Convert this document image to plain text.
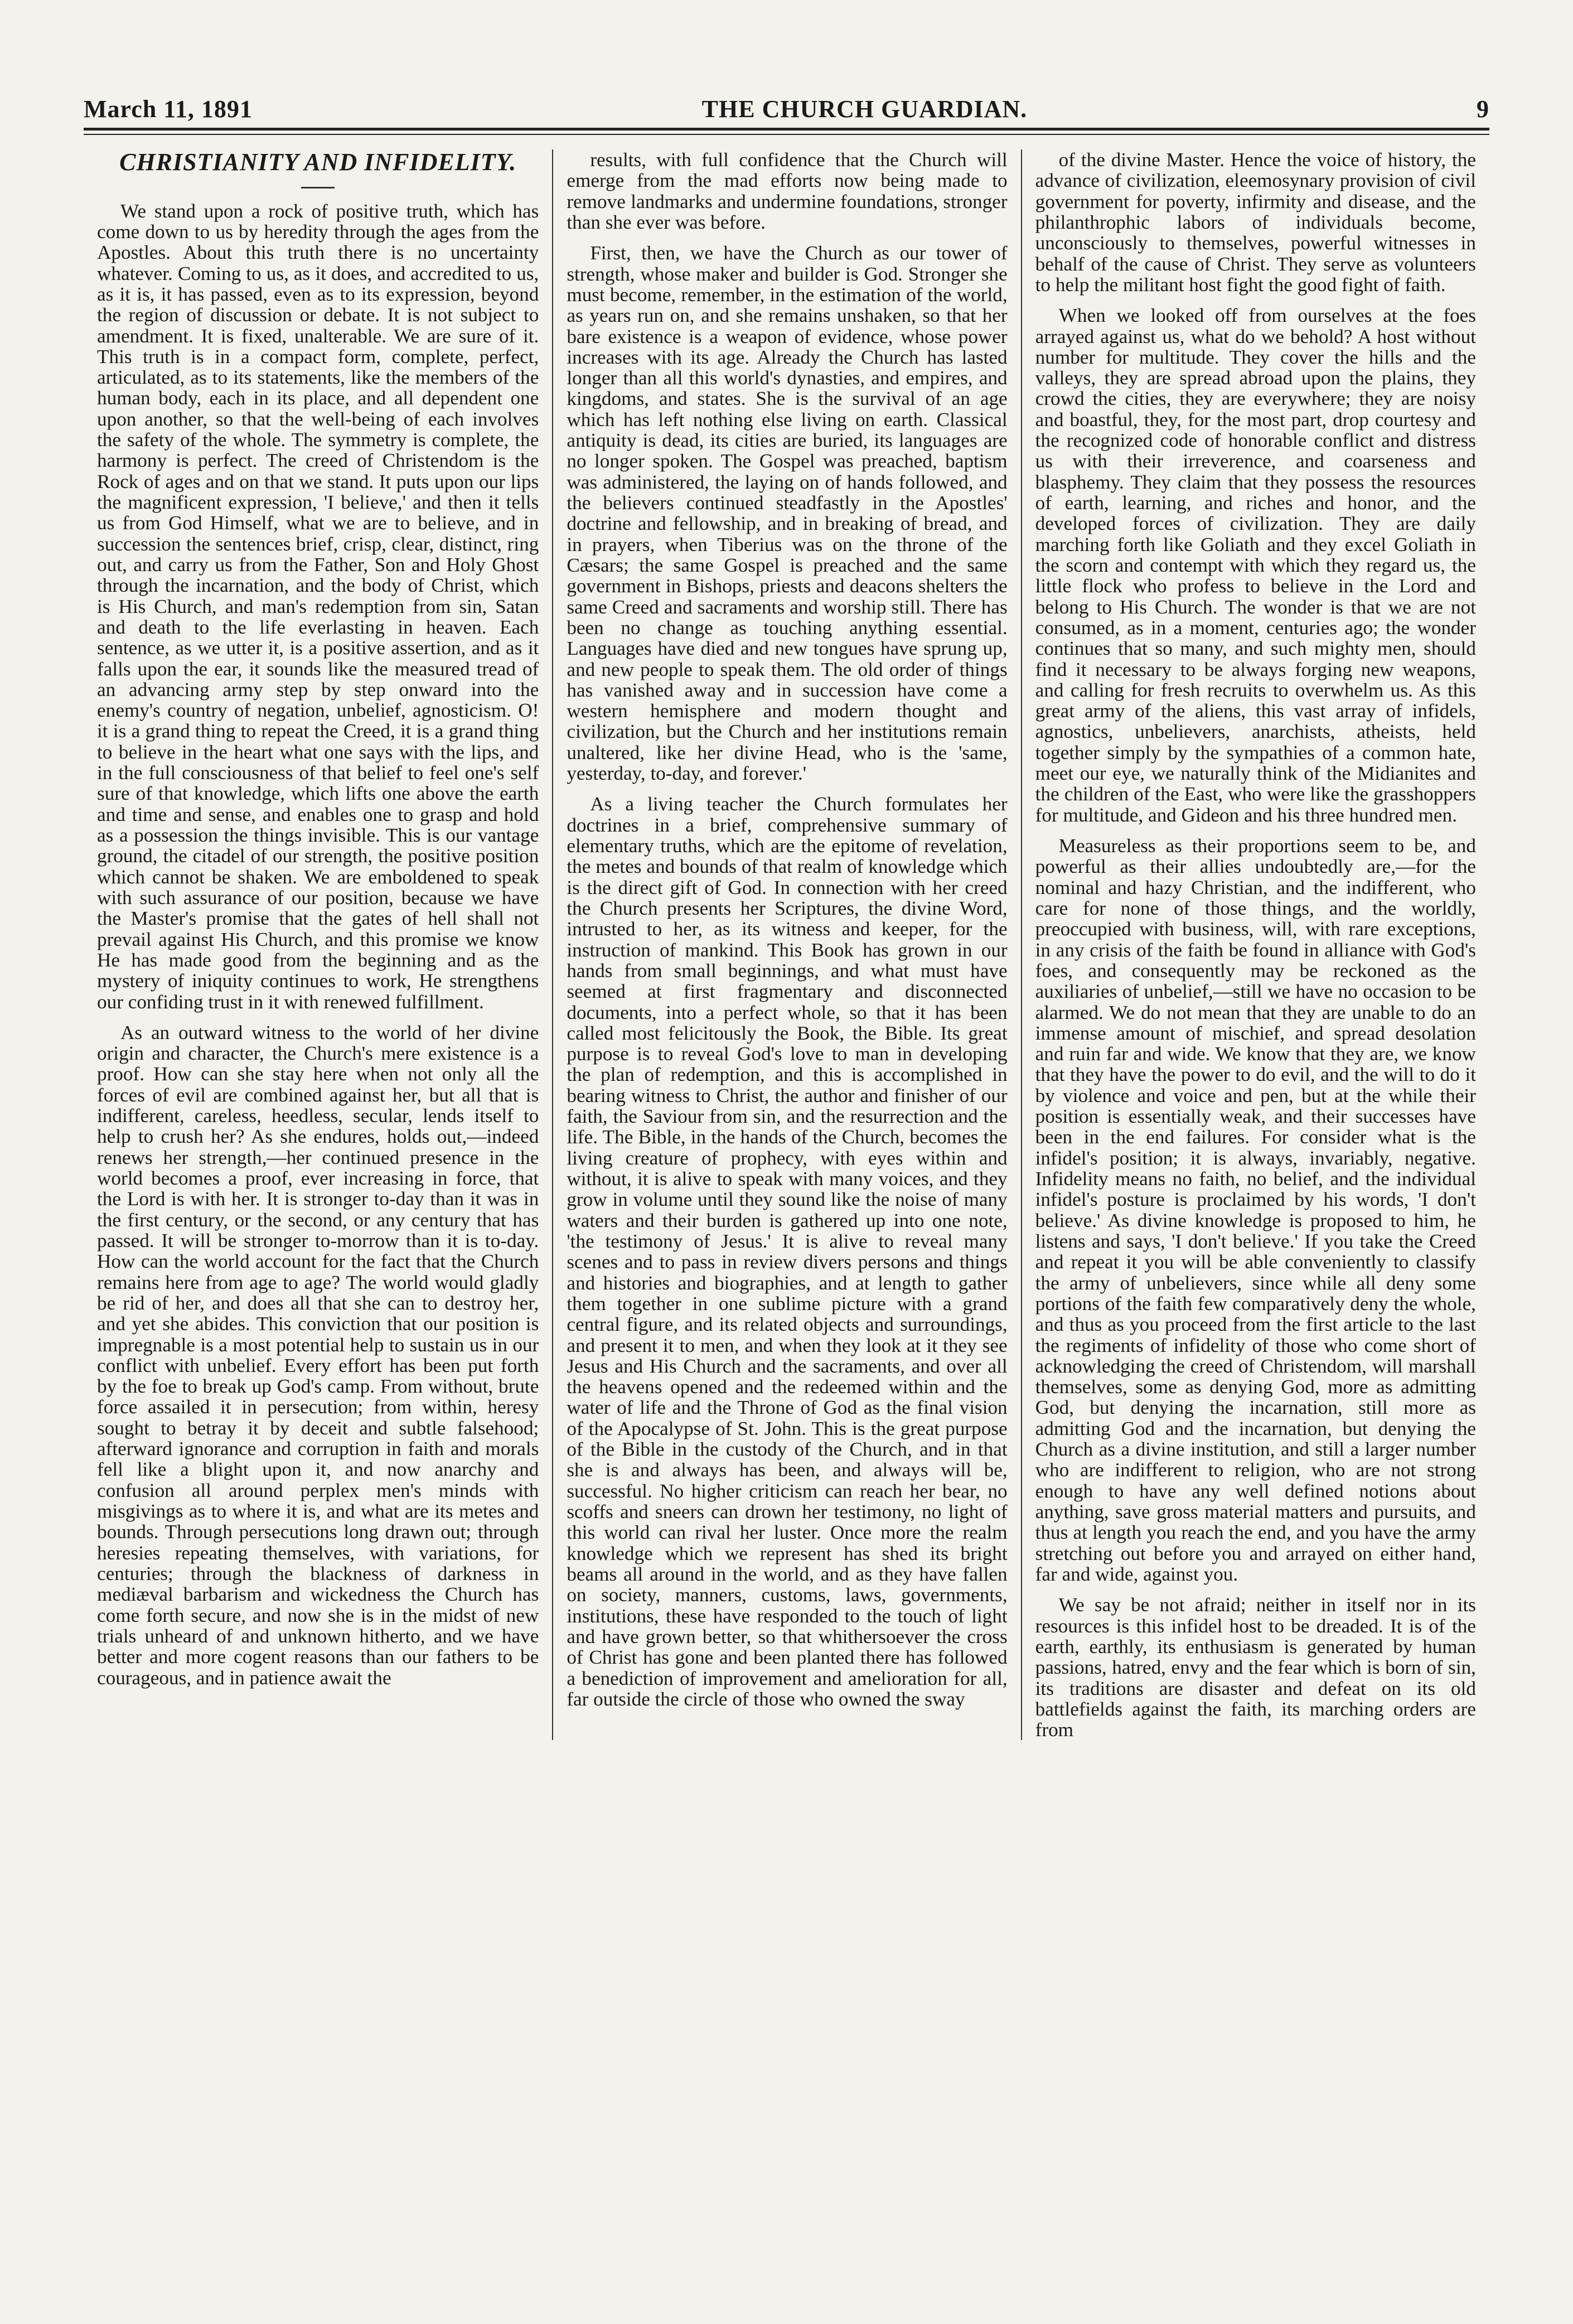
March 11, 1891	THE CHURCH GUARDIAN.	9
CHRISTIANITY AND INFIDELITY.

We stand upon a rock of positive truth, which has come down to us by heredity through the ages from the Apostles. About this truth there is no uncertainty whatever. Coming to us, as it does, and accredited to us, as it is, it has passed, even as to its expression, beyond the region of discussion or debate. It is not subject to amendment. It is fixed, unalterable. We are sure of it. This truth is in a compact form, complete, perfect, articulated, as to its statements, like the members of the human body, each in its place, and all dependent one upon another, so that the well-being of each involves the safety of the whole. The symmetry is complete, the harmony is perfect. The creed of Christendom is the Rock of ages and on that we stand. It puts upon our lips the magnificent expression, 'I believe,' and then it tells us from God Himself, what we are to believe, and in succession the sentences brief, crisp, clear, distinct, ring out, and carry us from the Father, Son and Holy Ghost through the incarnation, and the body of Christ, which is His Church, and man's redemption from sin, Satan and death to the life everlasting in heaven. Each sentence, as we utter it, is a positive assertion, and as it falls upon the ear, it sounds like the measured tread of an advancing army step by step onward into the enemy's country of negation, unbelief, agnosticism. O! it is a grand thing to repeat the Creed, it is a grand thing to believe in the heart what one says with the lips, and in the full consciousness of that belief to feel one's self sure of that knowledge, which lifts one above the earth and time and sense, and enables one to grasp and hold as a possession the things invisible. This is our vantage ground, the citadel of our strength, the positive position which cannot be shaken. We are emboldened to speak with such assurance of our position, because we have the Master's promise that the gates of hell shall not prevail against His Church, and this promise we know He has made good from the beginning and as the mystery of iniquity continues to work, He strengthens our confiding trust in it with renewed fulfillment.

As an outward witness to the world of her divine origin and character, the Church's mere existence is a proof. How can she stay here when not only all the forces of evil are combined against her, but all that is indifferent, careless, heedless, secular, lends itself to help to crush her? As she endures, holds out,—indeed renews her strength,—her continued presence in the world becomes a proof, ever increasing in force, that the Lord is with her. It is stronger to-day than it was in the first century, or the second, or any century that has passed. It will be stronger to-morrow than it is to-day. How can the world account for the fact that the Church remains here from age to age? The world would gladly be rid of her, and does all that she can to destroy her, and yet she abides. This conviction that our position is impregnable is a most potential help to sustain us in our conflict with unbelief. Every effort has been put forth by the foe to break up God's camp. From without, brute force assailed it in persecution; from within, heresy sought to betray it by deceit and subtle falsehood; afterward ignorance and corruption in faith and morals fell like a blight upon it, and now anarchy and confusion all around perplex men's minds with misgivings as to where it is, and what are its metes and bounds. Through persecutions long drawn out; through heresies repeating themselves, with variations, for centuries; through the blackness of darkness in mediæval barbarism and wickedness the Church has come forth secure, and now she is in the midst of new trials unheard of and unknown hitherto, and we have better and more cogent reasons than our fathers to be courageous, and in patience await the

results, with full confidence that the Church will emerge from the mad efforts now being made to remove landmarks and undermine foundations, stronger than she ever was before.

First, then, we have the Church as our tower of strength, whose maker and builder is God. Stronger she must become, remember, in the estimation of the world, as years run on, and she remains unshaken, so that her bare existence is a weapon of evidence, whose power increases with its age. Already the Church has lasted longer than all this world's dynasties, and empires, and kingdoms, and states. She is the survival of an age which has left nothing else living on earth. Classical antiquity is dead, its cities are buried, its languages are no longer spoken. The Gospel was preached, baptism was administered, the laying on of hands followed, and the believers continued steadfastly in the Apostles' doctrine and fellowship, and in breaking of bread, and in prayers, when Tiberius was on the throne of the Cæsars; the same Gospel is preached and the same government in Bishops, priests and deacons shelters the same Creed and sacraments and worship still. There has been no change as touching anything essential. Languages have died and new tongues have sprung up, and new people to speak them. The old order of things has vanished away and in succession have come a western hemisphere and modern thought and civilization, but the Church and her institutions remain unaltered, like her divine Head, who is the 'same, yesterday, to-day, and forever.'

As a living teacher the Church formulates her doctrines in a brief, comprehensive summary of elementary truths, which are the epitome of revelation, the metes and bounds of that realm of knowledge which is the direct gift of God. In connection with her creed the Church presents her Scriptures, the divine Word, intrusted to her, as its witness and keeper, for the instruction of mankind. This Book has grown in our hands from small beginnings, and what must have seemed at first fragmentary and disconnected documents, into a perfect whole, so that it has been called most felicitously the Book, the Bible. Its great purpose is to reveal God's love to man in developing the plan of redemption, and this is accomplished in bearing witness to Christ, the author and finisher of our faith, the Saviour from sin, and the resurrection and the life. The Bible, in the hands of the Church, becomes the living creature of prophecy, with eyes within and without, it is alive to speak with many voices, and they grow in volume until they sound like the noise of many waters and their burden is gathered up into one note, 'the testimony of Jesus.' It is alive to reveal many scenes and to pass in review divers persons and things and histories and biographies, and at length to gather them together in one sublime picture with a grand central figure, and its related objects and surroundings, and present it to men, and when they look at it they see Jesus and His Church and the sacraments, and over all the heavens opened and the redeemed within and the water of life and the Throne of God as the final vision of the Apocalypse of St. John. This is the great purpose of the Bible in the custody of the Church, and in that she is and always has been, and always will be, successful. No higher criticism can reach her bear, no scoffs and sneers can drown her testimony, no light of this world can rival her luster. Once more the realm knowledge which we represent has shed its bright beams all around in the world, and as they have fallen on society, manners, customs, laws, governments, institutions, these have responded to the touch of light and have grown better, so that whithersoever the cross of Christ has gone and been planted there has followed a benediction of improvement and amelioration for all, far outside the circle of those who owned the sway

of the divine Master. Hence the voice of history, the advance of civilization, eleemosynary provision of civil government for poverty, infirmity and disease, and the philanthrophic labors of individuals become, unconsciously to themselves, powerful witnesses in behalf of the cause of Christ. They serve as volunteers to help the militant host fight the good fight of faith.

When we looked off from ourselves at the foes arrayed against us, what do we behold? A host without number for multitude. They cover the hills and the valleys, they are spread abroad upon the plains, they crowd the cities, they are everywhere; they are noisy and boastful, they, for the most part, drop courtesy and the recognized code of honorable conflict and distress us with their irreverence, and coarseness and blasphemy. They claim that they possess the resources of earth, learning, and riches and honor, and the developed forces of civilization. They are daily marching forth like Goliath and they excel Goliath in the scorn and contempt with which they regard us, the little flock who profess to believe in the Lord and belong to His Church. The wonder is that we are not consumed, as in a moment, centuries ago; the wonder continues that so many, and such mighty men, should find it necessary to be always forging new weapons, and calling for fresh recruits to overwhelm us. As this great army of the aliens, this vast array of infidels, agnostics, unbelievers, anarchists, atheists, held together simply by the sympathies of a common hate, meet our eye, we naturally think of the Midianites and the children of the East, who were like the grasshoppers for multitude, and Gideon and his three hundred men.

Measureless as their proportions seem to be, and powerful as their allies undoubtedly are,—for the nominal and hazy Christian, and the indifferent, who care for none of those things, and the worldly, preoccupied with business, will, with rare exceptions, in any crisis of the faith be found in alliance with God's foes, and consequently may be reckoned as the auxiliaries of unbelief,—still we have no occasion to be alarmed. We do not mean that they are unable to do an immense amount of mischief, and spread desolation and ruin far and wide. We know that they are, we know that they have the power to do evil, and the will to do it by violence and voice and pen, but at the while their position is essentially weak, and their successes have been in the end failures. For consider what is the infidel's position; it is always, invariably, negative. Infidelity means no faith, no belief, and the individual infidel's posture is proclaimed by his words, 'I don't believe.' As divine knowledge is proposed to him, he listens and says, 'I don't believe.' If you take the Creed and repeat it you will be able conveniently to classify the army of unbelievers, since while all deny some portions of the faith few comparatively deny the whole, and thus as you proceed from the first article to the last the regiments of infidelity of those who come short of acknowledging the creed of Christendom, will marshall themselves, some as denying God, more as admitting God, but denying the incarnation, still more as admitting God and the incarnation, but denying the Church as a divine institution, and still a larger number who are indifferent to religion, who are not strong enough to have any well defined notions about anything, save gross material matters and pursuits, and thus at length you reach the end, and you have the army stretching out before you and arrayed on either hand, far and wide, against you.

We say be not afraid; neither in itself nor in its resources is this infidel host to be dreaded. It is of the earth, earthly, its enthusiasm is generated by human passions, hatred, envy and the fear which is born of sin, its traditions are disaster and defeat on its old battlefields against the faith, its marching orders are from
